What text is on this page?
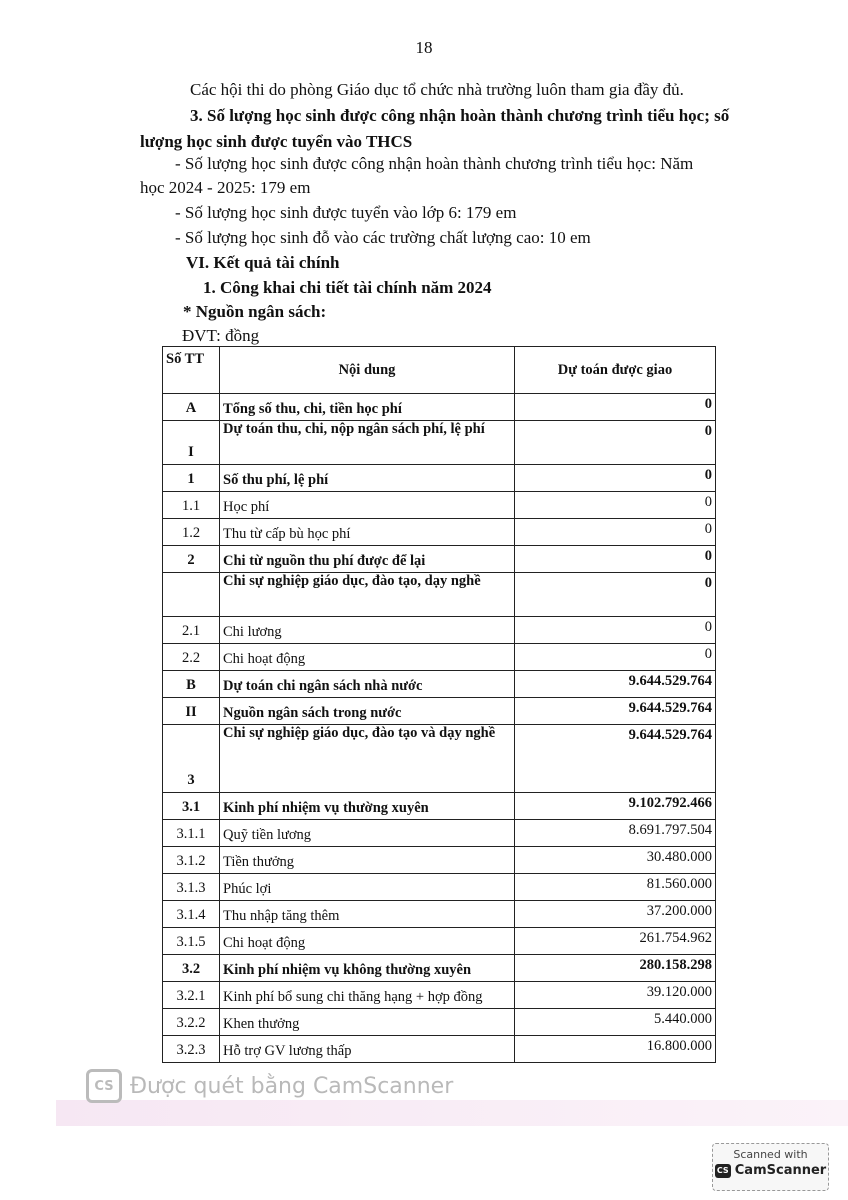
18
Các hội thi do phòng Giáo dục tổ chức nhà trường luôn tham gia đầy đủ.
3. Số lượng học sinh được công nhận hoàn thành chương trình tiểu học; số
lượng học sinh được tuyển vào THCS
- Số lượng học sinh được công nhận hoàn thành chương trình tiểu học: Năm
học 2024 - 2025: 179 em
- Số lượng học sinh được tuyển vào lớp 6: 179 em
- Số lượng học sinh đỗ vào các trường chất lượng cao: 10 em
VI. Kết quả tài chính
1. Công khai chi tiết tài chính năm 2024
* Nguồn ngân sách:
ĐVT: đồng
Số TT	Nội dung	Dự toán được giao
A	Tổng số thu, chi, tiền học phí	0
I	Dự toán thu, chi, nộp ngân sách phí, lệ phí	0
1	Số thu phí, lệ phí	0
1.1	Học phí	0
1.2	Thu từ cấp bù học phí	0
2	Chi từ nguồn thu phí được để lại	0
	Chi sự nghiệp giáo dục, đào tạo, dạy nghề	0
2.1	Chi lương	0
2.2	Chi hoạt động	0
B	Dự toán chi ngân sách nhà nước	9.644.529.764
II	Nguồn ngân sách trong nước	9.644.529.764
3	Chi sự nghiệp giáo dục, đào tạo và dạy nghề	9.644.529.764
3.1	Kinh phí nhiệm vụ thường xuyên	9.102.792.466
3.1.1	Quỹ tiền lương	8.691.797.504
3.1.2	Tiền thưởng	30.480.000
3.1.3	Phúc lợi	81.560.000
3.1.4	Thu nhập tăng thêm	37.200.000
3.1.5	Chi hoạt động	261.754.962
3.2	Kinh phí nhiệm vụ không thường xuyên	280.158.298
3.2.1	Kinh phí bổ sung chi thăng hạng + hợp đồng	39.120.000
3.2.2	Khen thưởng	5.440.000
3.2.3	Hỗ trợ GV lương thấp	16.800.000
CS Được quét bằng CamScanner
Scanned with
CS CamScanner
